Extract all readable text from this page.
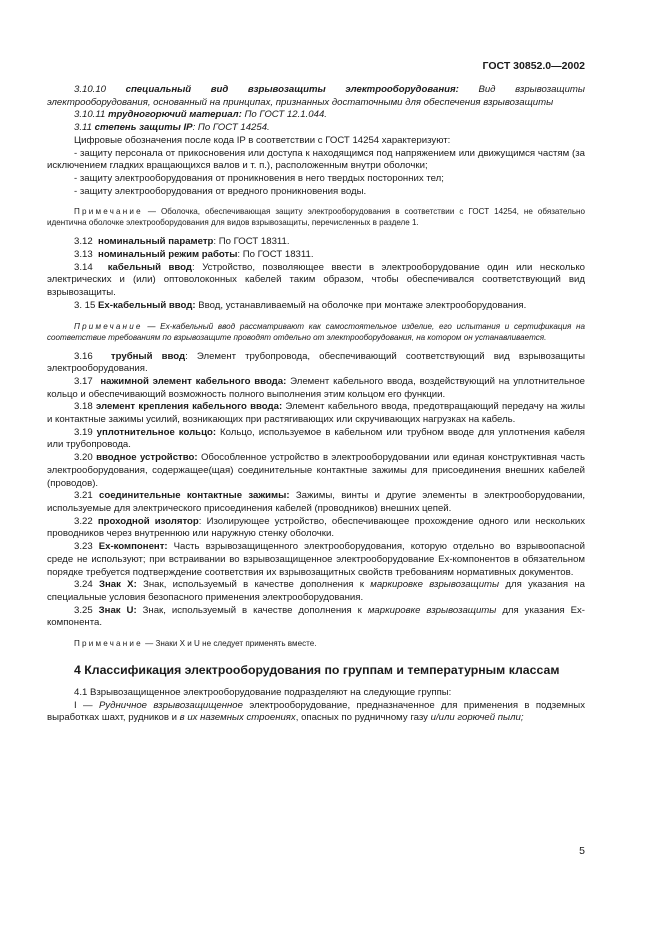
ГОСТ 30852.0—2002

3.10.10 специальный вид взрывозащиты электрооборудования: Вид взрывозащиты электрооборудования, основанный на принципах, признанных достаточными для обеспечения взрывозащиты

3.10.11 трудногорючий материал: По ГОСТ 12.1.044.

3.11 степень защиты IP: По ГОСТ 14254.

Цифровые обозначения после кода IP в соответствии с ГОСТ 14254 характеризуют:

- защиту персонала от прикосновения или доступа к находящимся под напряжением или движущимся частям (за исключением гладких вращающихся валов и т. п.), расположенным внутри оболочки;

- защиту электрооборудования от проникновения в него твердых посторонних тел;

- защиту электрооборудования от вредного проникновения воды.

Примечание — Оболочка, обеспечивающая защиту электрооборудования в соответствии с ГОСТ 14254, не обязательно идентична оболочке электрооборудования для видов взрывозащиты, перечисленных в разделе 1.

3.12 номинальный параметр: По ГОСТ 18311.

3.13 номинальный режим работы: По ГОСТ 18311.

3.14 кабельный ввод: Устройство, позволяющее ввести в электрооборудование один или несколько электрических и (или) оптоволоконных кабелей таким образом, чтобы обеспечивался соответствующий вид взрывозащиты.

3. 15 Ex-кабельный ввод: Ввод, устанавливаемый на оболочке при монтаже электрооборудования.

Примечание — Ex-кабельный ввод рассматривают как самостоятельное изделие, его испытания и сертификация на соответствие требованиям по взрывозащите проводят отдельно от электрооборудования, на котором он устанавливается.

3.16 трубный ввод: Элемент трубопровода, обеспечивающий соответствующий вид взрывозащиты электрооборудования.

3.17 нажимной элемент кабельного ввода: Элемент кабельного ввода, воздействующий на уплотнительное кольцо и обеспечивающий возможность полного выполнения этим кольцом его функции.

3.18 элемент крепления кабельного ввода: Элемент кабельного ввода, предотвращающий передачу на жилы и контактные зажимы усилий, возникающих при растягивающих или скручивающих нагрузках на кабель.

3.19 уплотнительное кольцо: Кольцо, используемое в кабельном или трубном вводе для уплотнения кабеля или трубопровода.

3.20 вводное устройство: Обособленное устройство в электрооборудовании или единая конструктивная часть электрооборудования, содержащее(щая) соединительные контактные зажимы для присоединения внешних кабелей (проводов).

3.21 соединительные контактные зажимы: Зажимы, винты и другие элементы в электрооборудовании, используемые для электрического присоединения кабелей (проводников) внешних цепей.

3.22 проходной изолятор: Изолирующее устройство, обеспечивающее прохождение одного или нескольких проводников через внутреннюю или наружную стенку оболочки.

3.23 Ex-компонент: Часть взрывозащищенного электрооборудования, которую отдельно во взрывоопасной среде не используют; при встраивании во взрывозащищенное электрооборудование Ex-компонентов в обязательном порядке требуется подтверждение соответствия их взрывозащитных свойств требованиям нормативных документов.

3.24 Знак X: Знак, используемый в качестве дополнения к маркировке взрывозащиты для указания на специальные условия безопасного применения электрооборудования.

3.25 Знак U: Знак, используемый в качестве дополнения к маркировке взрывозащиты для указания Ex-компонента.

Примечание — Знаки X и U не следует применять вместе.

4 Классификация электрооборудования по группам и температурным классам

4.1 Взрывозащищенное электрооборудование подразделяют на следующие группы:

I — Рудничное взрывозащищенное электрооборудование, предназначенное для применения в подземных выработках шахт, рудников и в их наземных строениях, опасных по рудничному газу и/или горючей пыли;

5
